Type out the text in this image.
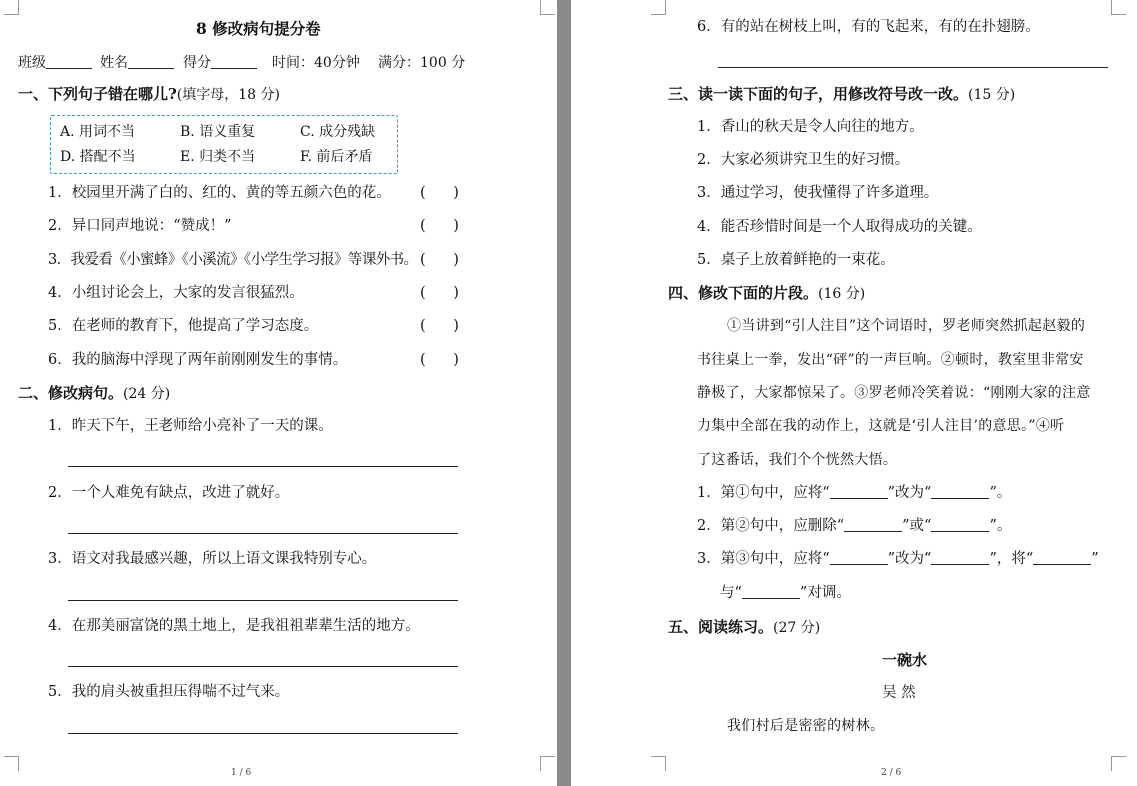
8 修改病句提分卷
班级	姓名	得分	时间：40分钟 满分：100 分
一、下列句子错在哪儿?(填字母，18 分)
A. 用词不当	B. 语义重复	C. 成分残缺
D. 搭配不当	E. 归类不当	F. 前后矛盾
1．校园里开满了白的、红的、黄的等五颜六色的花。 (      )
2．异口同声地说：“赞成！”	(      )
3．我爱看《小蜜蜂》《小溪流》《小学生学习报》等课外书。 (      )
4．小组讨论会上，大家的发言很猛烈。	(      )
5．在老师的教育下，他提高了学习态度。	(      )
6．我的脑海中浮现了两年前刚刚发生的事情。	(      )
二、修改病句。(24 分)
1．昨天下午，王老师给小亮补了一天的课。
2．一个人难免有缺点，改进了就好。
3．语文对我最感兴趣，所以上语文课我特别专心。
4．在那美丽富饶的黑土地上，是我祖祖辈辈生活的地方。
5．我的肩头被重担压得喘不过气来。
1 / 6
6．有的站在树枝上叫，有的飞起来，有的在扑翅膀。
三、读一读下面的句子，用修改符号改一改。(15 分)
1．香山的秋天是令人向往的地方。
2．大家必须讲究卫生的好习惯。
3．通过学习，使我懂得了许多道理。
4．能否珍惜时间是一个人取得成功的关键。
5．桌子上放着鲜艳的一束花。
四、修改下面的片段。(16 分)
①当讲到“引人注目”这个词语时，罗老师突然抓起赵毅的
书往桌上一拳，发出“砰”的一声巨响。②顿时，教室里非常安
静极了，大家都惊呆了。③罗老师冷笑着说：“刚刚大家的注意
力集中全部在我的动作上，这就是‘引人注目’的意思。”④听
了这番话，我们个个恍然大悟。
1．第①句中，应将“	”改为“	”。
2．第②句中，应删除“	”或“	”。
3．第③句中，应将“	”改为“	”，将“	”
与“	”对调。
五、阅读练习。(27 分)
一碗水
吴 然
我们村后是密密的树林。
2 / 6
